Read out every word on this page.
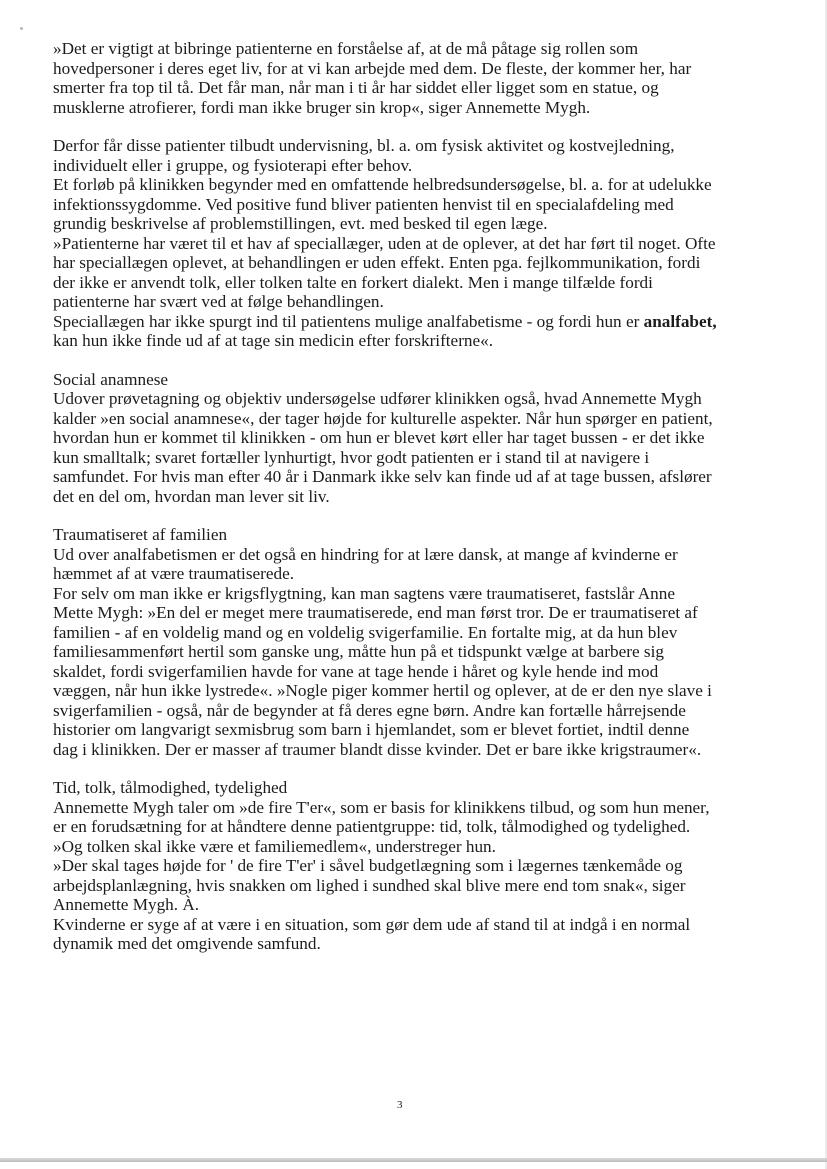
»Det er vigtigt at bibringe patienterne en forståelse af, at de må påtage sig rollen som
hovedpersoner i deres eget liv, for at vi kan arbejde med dem. De fleste, der kommer her, har
smerter fra top til tå. Det får man, når man i ti år har siddet eller ligget som en statue, og
musklerne atrofierer, fordi man ikke bruger sin krop«, siger Annemette Mygh.
Derfor får disse patienter tilbudt undervisning, bl. a. om fysisk aktivitet og kostvejledning,
individuelt eller i gruppe, og fysioterapi efter behov.
Et forløb på klinikken begynder med en omfattende helbredsundersøgelse, bl. a. for at udelukke
infektionssygdomme. Ved positive fund bliver patienten henvist til en specialafdeling med
grundig beskrivelse af problemstillingen, evt. med besked til egen læge.
»Patienterne har været til et hav af speciallæger, uden at de oplever, at det har ført til noget. Ofte
har speciallægen oplevet, at behandlingen er uden effekt. Enten pga. fejlkommunikation, fordi
der ikke er anvendt tolk, eller tolken talte en forkert dialekt. Men i mange tilfælde fordi
patienterne har svært ved at følge behandlingen.
Speciallægen har ikke spurgt ind til patientens mulige analfabetisme - og fordi hun er analfabet,
kan hun ikke finde ud af at tage sin medicin efter forskrifterne«.
Social anamnese
Udover prøvetagning og objektiv undersøgelse udfører klinikken også, hvad Annemette Mygh
kalder »en social anamnese«, der tager højde for kulturelle aspekter. Når hun spørger en patient,
hvordan hun er kommet til klinikken - om hun er blevet kørt eller har taget bussen - er det ikke
kun smalltalk; svaret fortæller lynhurtigt, hvor godt patienten er i stand til at navigere i
samfundet. For hvis man efter 40 år i Danmark ikke selv kan finde ud af at tage bussen, afslører
det en del om, hvordan man lever sit liv.
Traumatiseret af familien
Ud over analfabetismen er det også en hindring for at lære dansk, at mange af kvinderne er
hæmmet af at være traumatiserede.
For selv om man ikke er krigsflygtning, kan man sagtens være traumatiseret, fastslår Anne
Mette Mygh: »En del er meget mere traumatiserede, end man først tror. De er traumatiseret af
familien - af en voldelig mand og en voldelig svigerfamilie. En fortalte mig, at da hun blev
familiesammenført hertil som ganske ung, måtte hun på et tidspunkt vælge at barbere sig
skaldet, fordi svigerfamilien havde for vane at tage hende i håret og kyle hende ind mod
væggen, når hun ikke lystrede«. »Nogle piger kommer hertil og oplever, at de er den nye slave i
svigerfamilien - også, når de begynder at få deres egne børn. Andre kan fortælle hårrejsende
historier om langvarigt sexmisbrug som barn i hjemlandet, som er blevet fortiet, indtil denne
dag i klinikken. Der er masser af traumer blandt disse kvinder. Det er bare ikke krigstraumer«.
Tid, tolk, tålmodighed, tydelighed
Annemette Mygh taler om »de fire T'er«, som er basis for klinikkens tilbud, og som hun mener,
er en forudsætning for at håndtere denne patientgruppe: tid, tolk, tålmodighed og tydelighed.
»Og tolken skal ikke være et familiemedlem«, understreger hun.
»Der skal tages højde for ' de fire T'er' i såvel budgetlægning som i lægernes tænkemåde og
arbejdsplanlægning, hvis snakken om lighed i sundhed skal blive mere end tom snak«, siger
Annemette Mygh. À.
Kvinderne er syge af at være i en situation, som gør dem ude af stand til at indgå i en normal
dynamik med det omgivende samfund.
3
